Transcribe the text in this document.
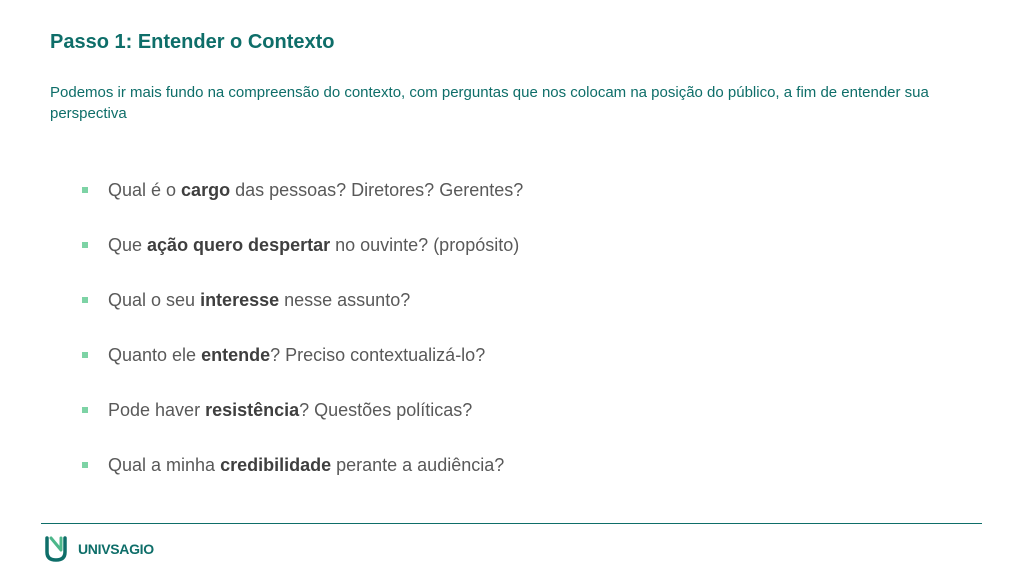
Passo 1: Entender o Contexto

Podemos ir mais fundo na compreensão do contexto, com perguntas que nos colocam na posição do público, a fim de entender sua perspectiva

Qual é o cargo das pessoas? Diretores? Gerentes?
Que ação quero despertar no ouvinte? (propósito)
Qual o seu interesse nesse assunto?
Quanto ele entende? Preciso contextualizá-lo?
Pode haver resistência? Questões políticas?
Qual a minha credibilidade perante a audiência?
UNIVSAGIO
